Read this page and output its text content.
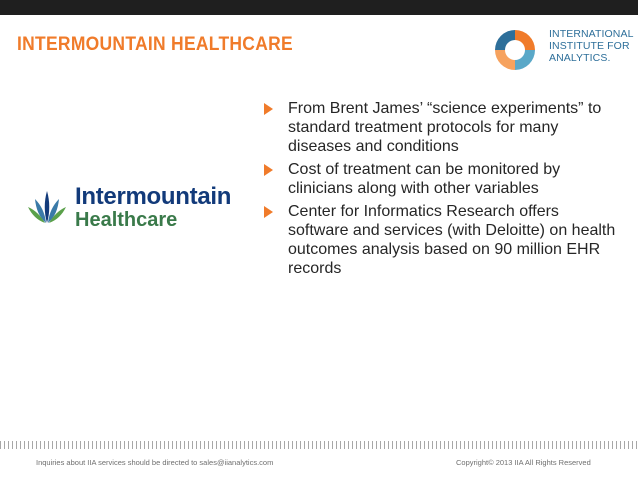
INTERMOUNTAIN HEALTHCARE	INTERNATIONAL
INSTITUTE FOR
ANALYTICS.
Intermountain
Healthcare
From Brent James’ “science experiments” to standard treatment protocols for many diseases and conditions
Cost of treatment can be monitored by clinicians along with other variables
Center for Informatics Research offers software and services (with Deloitte) on health outcomes analysis based on 90 million EHR records
Inquiries about IIA services should be directed to sales@iianalytics.com	Copyright© 2013 IIA All Rights Reserved
